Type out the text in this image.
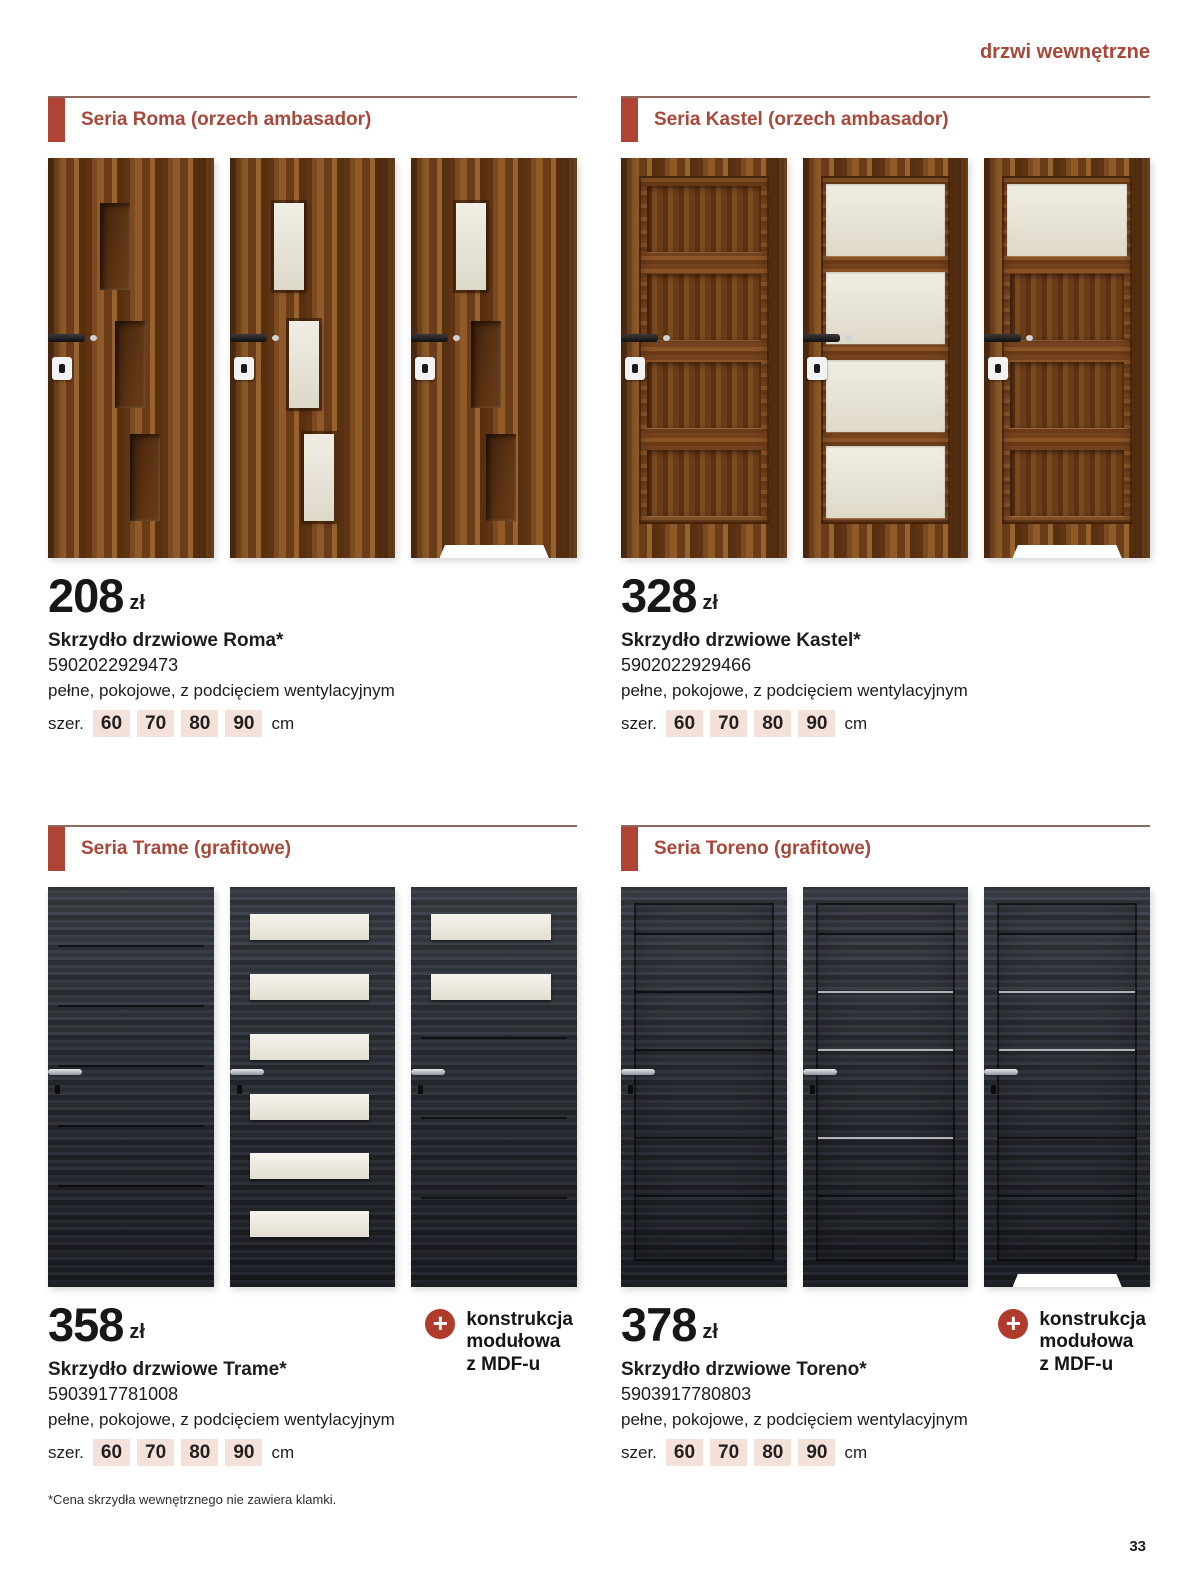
drzwi wewnętrzne
Seria Roma (orzech ambasador)
208 zł
Skrzydło drzwiowe Roma*
5902022929473
pełne, pokojowe, z podcięciem wentylacyjnym
szer. 60	70	80	90	cm
Seria Kastel (orzech ambasador)
328 zł
Skrzydło drzwiowe Kastel*
5902022929466
pełne, pokojowe, z podcięciem wentylacyjnym
szer. 60	70	80	90	cm
Seria Trame (grafitowe)
358 zł
+
konstrukcja
modułowa
z MDF-u
Skrzydło drzwiowe Trame*
5903917781008
pełne, pokojowe, z podcięciem wentylacyjnym
szer. 60	70	80	90	cm
Seria Toreno (grafitowe)
378 zł
+
konstrukcja
modułowa
z MDF-u
Skrzydło drzwiowe Toreno*
5903917780803
pełne, pokojowe, z podcięciem wentylacyjnym
szer. 60	70	80	90	cm
*Cena skrzydła wewnętrznego nie zawiera klamki.
33
